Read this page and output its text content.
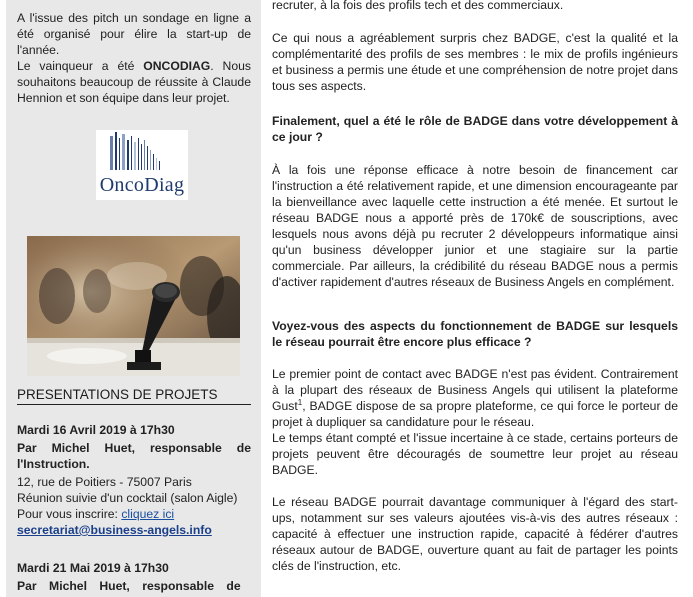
A l'issue des pitch un sondage en ligne a été organisé pour élire la start-up de l'année.
Le vainqueur a été ONCODIAG. Nous souhaitons beaucoup de réussite à Claude Hennion et son équipe dans leur projet.
OncoDiag
PRESENTATIONS DE PROJETS
Mardi 16 Avril 2019 à 17h30
Par Michel Huet, responsable de l'Instruction.
12, rue de Poitiers - 75007 Paris
Réunion suivie d'un cocktail (salon Aigle)
Pour vous inscrire: cliquez ici
secretariat@business-angels.info
Mardi 21 Mai 2019 à 17h30
Par Michel Huet, responsable de
recruter, à la fois des profils tech et des commerciaux.
Ce qui nous a agréablement surpris chez BADGE, c'est la qualité et la complémentarité des profils de ses membres : le mix de profils ingénieurs et business a permis une étude et une compréhension de notre projet dans tous ses aspects.
Finalement, quel a été le rôle de BADGE dans votre développement à ce jour ?
À la fois une réponse efficace à notre besoin de financement car l'instruction a été relativement rapide, et une dimension encourageante par la bienveillance avec laquelle cette instruction a été menée. Et surtout le réseau BADGE nous a apporté près de 170k€ de souscriptions, avec lesquels nous avons déjà pu recruter 2 développeurs informatique ainsi qu'un business développer junior et une stagiaire sur la partie commerciale. Par ailleurs, la crédibilité du réseau BADGE nous a permis d'activer rapidement d'autres réseaux de Business Angels en complément.
Voyez-vous des aspects du fonctionnement de BADGE sur lesquels le réseau pourrait être encore plus efficace ?
Le premier point de contact avec BADGE n'est pas évident. Contrairement à la plupart des réseaux de Business Angels qui utilisent la plateforme Gust$^1$, BADGE dispose de sa propre plateforme, ce qui force le porteur de projet à dupliquer sa candidature pour le réseau.
Le temps étant compté et l'issue incertaine à ce stade, certains porteurs de projets peuvent être découragés de soumettre leur projet au réseau BADGE.
Le réseau BADGE pourrait davantage communiquer à l'égard des start-ups, notamment sur ses valeurs ajoutées vis-à-vis des autres réseaux : capacité à effectuer une instruction rapide, capacité à fédérer d'autres réseaux autour de BADGE, ouverture quant au fait de partager les points clés de l'instruction, etc.
